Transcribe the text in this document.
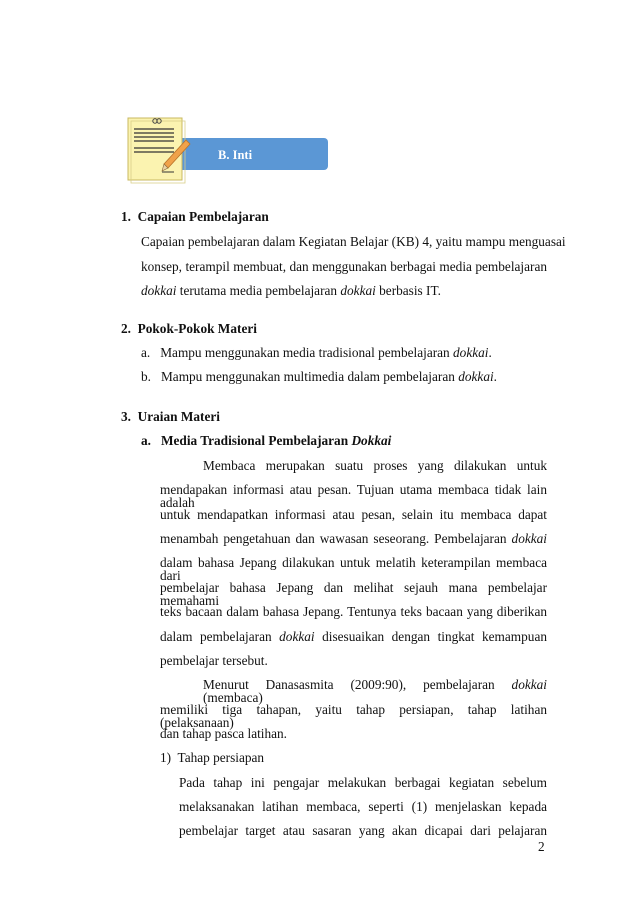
B. Inti
1. Capaian Pembelajaran
Capaian pembelajaran dalam Kegiatan Belajar (KB) 4, yaitu mampu menguasai
konsep, terampil membuat, dan menggunakan berbagai media pembelajaran
dokkai terutama media pembelajaran dokkai berbasis IT.
2. Pokok-Pokok Materi
a. Mampu menggunakan media tradisional pembelajaran dokkai.
b. Mampu menggunakan multimedia dalam pembelajaran dokkai.
3. Uraian Materi
a. Media Tradisional Pembelajaran Dokkai
Membaca merupakan suatu proses yang dilakukan untuk
mendapakan informasi atau pesan. Tujuan utama membaca tidak lain adalah
untuk mendapatkan informasi atau pesan, selain itu membaca dapat
menambah pengetahuan dan wawasan seseorang. Pembelajaran dokkai
dalam bahasa Jepang dilakukan untuk melatih keterampilan membaca dari
pembelajar bahasa Jepang dan melihat sejauh mana pembelajar memahami
teks bacaan dalam bahasa Jepang. Tentunya teks bacaan yang diberikan
dalam pembelajaran dokkai disesuaikan dengan tingkat kemampuan
pembelajar tersebut.
Menurut Danasasmita (2009:90), pembelajaran dokkai (membaca)
memiliki tiga tahapan, yaitu tahap persiapan, tahap latihan (pelaksanaan)
dan tahap pasca latihan.
1) Tahap persiapan
Pada tahap ini pengajar melakukan berbagai kegiatan sebelum
melaksanakan latihan membaca, seperti (1) menjelaskan kepada
pembelajar target atau sasaran yang akan dicapai dari pelajaran
2
